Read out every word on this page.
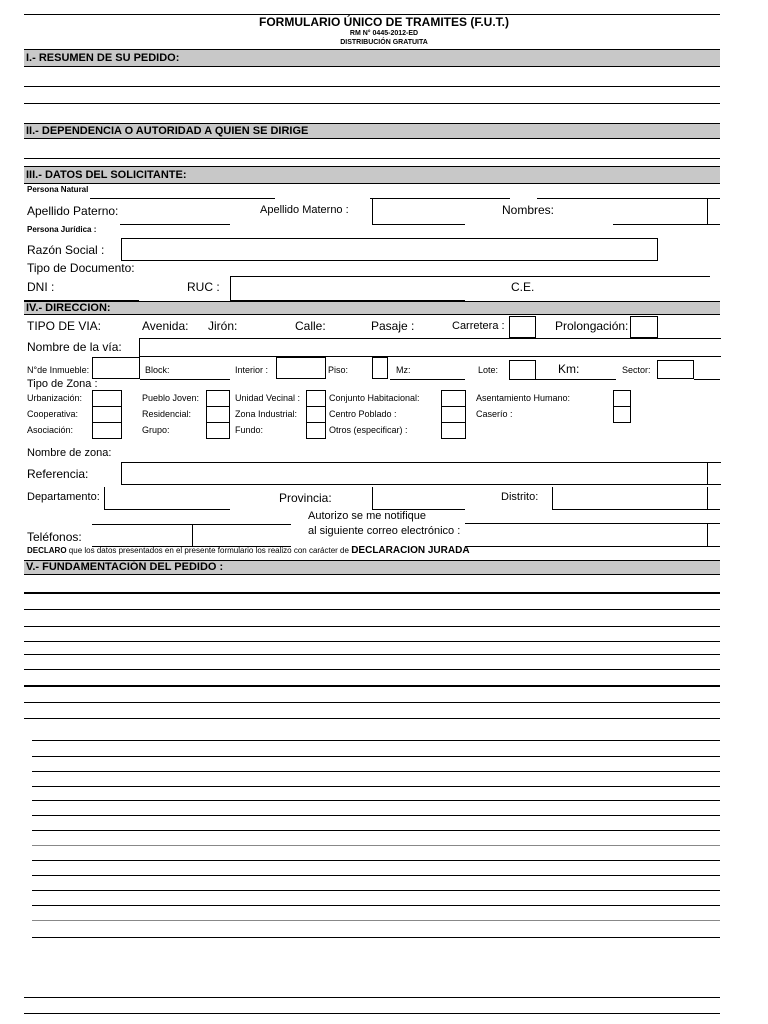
FORMULARIO ÚNICO DE TRAMITES (F.U.T.)
RM N° 0445-2012-ED
DISTRIBUCIÓN GRATUITA
I.- RESUMEN DE SU PEDIDO:
II.- DEPENDENCIA O AUTORIDAD A QUIEN SE DIRIGE
III.- DATOS DEL SOLICITANTE:
Persona Natural
Apellido Paterno:	Apellido Materno :	Nombres:
Persona Jurídica :
Razón Social :
Tipo de Documento:
DNI :	RUC :	C.E.
IV.- DIRECCION:
TIPO DE VIA:	Avenida: Jirón:	Calle:	Pasaje :	Carretera :	Prolongación:
Nombre de la vía:
N°de Inmueble:	Block:	Interior :	Piso:	Mz:	Lote:	Km:	Sector:
Tipo de Zona :
Urbanización:	Pueblo Joven:	Unidad Vecinal :	Conjunto Habitacional:	Asentamiento Humano:
Cooperativa:	Residencial:	Zona Industrial:	Centro Poblado :	Caserío :
Asociación:	Grupo:	Fundo:	Otros (especificar) :
Nombre de zona:
Referencia:
Departamento:	Provincia:	Distrito:
Autorizo se me notifique
al siguiente correo electrónico :
Teléfonos:
DECLARO que los datos presentados en el presente formulario los realizo con carácter de DECLARACION JURADA
V.- FUNDAMENTACIÓN DEL PEDIDO :
